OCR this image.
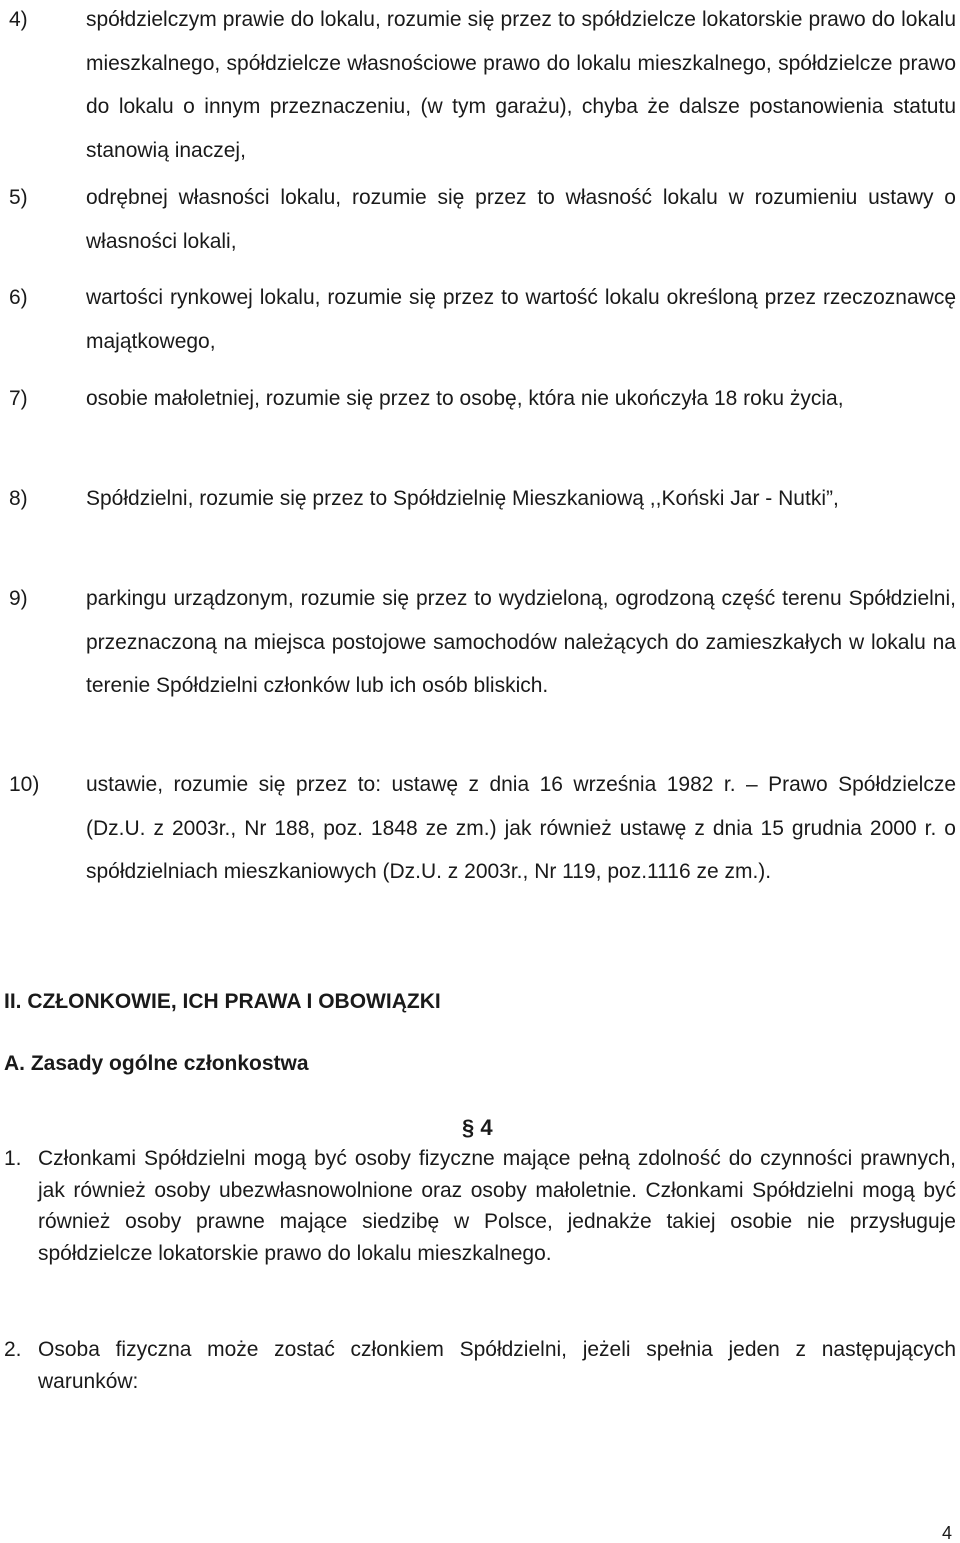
4)	spółdzielczym prawie do lokalu, rozumie się przez to spółdzielcze lokatorskie prawo do lokalu mieszkalnego, spółdzielcze własnościowe prawo do lokalu mieszkalnego, spółdzielcze prawo do lokalu o innym przeznaczeniu, (w tym garażu), chyba że dalsze postanowienia statutu stanowią inaczej,
5)	odrębnej własności lokalu, rozumie się przez to własność lokalu w rozumieniu ustawy o własności lokali,
6)	wartości rynkowej lokalu, rozumie się przez to wartość lokalu określoną przez rzeczoznawcę majątkowego,
7)	osobie małoletniej, rozumie się przez to osobę, która nie ukończyła 18 roku życia,
8)	Spółdzielni, rozumie się przez to Spółdzielnię Mieszkaniową ,,Koński Jar - Nutki”,
9)	parkingu urządzonym, rozumie się przez to wydzieloną, ogrodzoną część terenu Spółdzielni, przeznaczoną na miejsca postojowe samochodów należących do zamieszkałych w lokalu na terenie Spółdzielni członków lub ich osób bliskich.
10) ustawie, rozumie się przez to: ustawę z dnia 16 września 1982 r. – Prawo Spółdzielcze (Dz.U. z 2003r., Nr 188, poz. 1848 ze zm.) jak również ustawę z dnia 15 grudnia 2000 r. o spółdzielniach mieszkaniowych (Dz.U. z 2003r., Nr 119, poz.1116 ze zm.).
II. CZŁONKOWIE, ICH PRAWA I OBOWIĄZKI
A. Zasady ogólne członkostwa
§ 4
1. Członkami Spółdzielni mogą być osoby fizyczne mające pełną zdolność do czynności prawnych, jak również osoby ubezwłasnowolnione oraz osoby małoletnie. Członkami Spółdzielni mogą być również osoby prawne mające siedzibę w Polsce, jednakże takiej osobie nie przysługuje spółdzielcze lokatorskie prawo do lokalu mieszkalnego.
2. Osoba fizyczna może zostać członkiem Spółdzielni, jeżeli spełnia jeden z następujących warunków:
4
